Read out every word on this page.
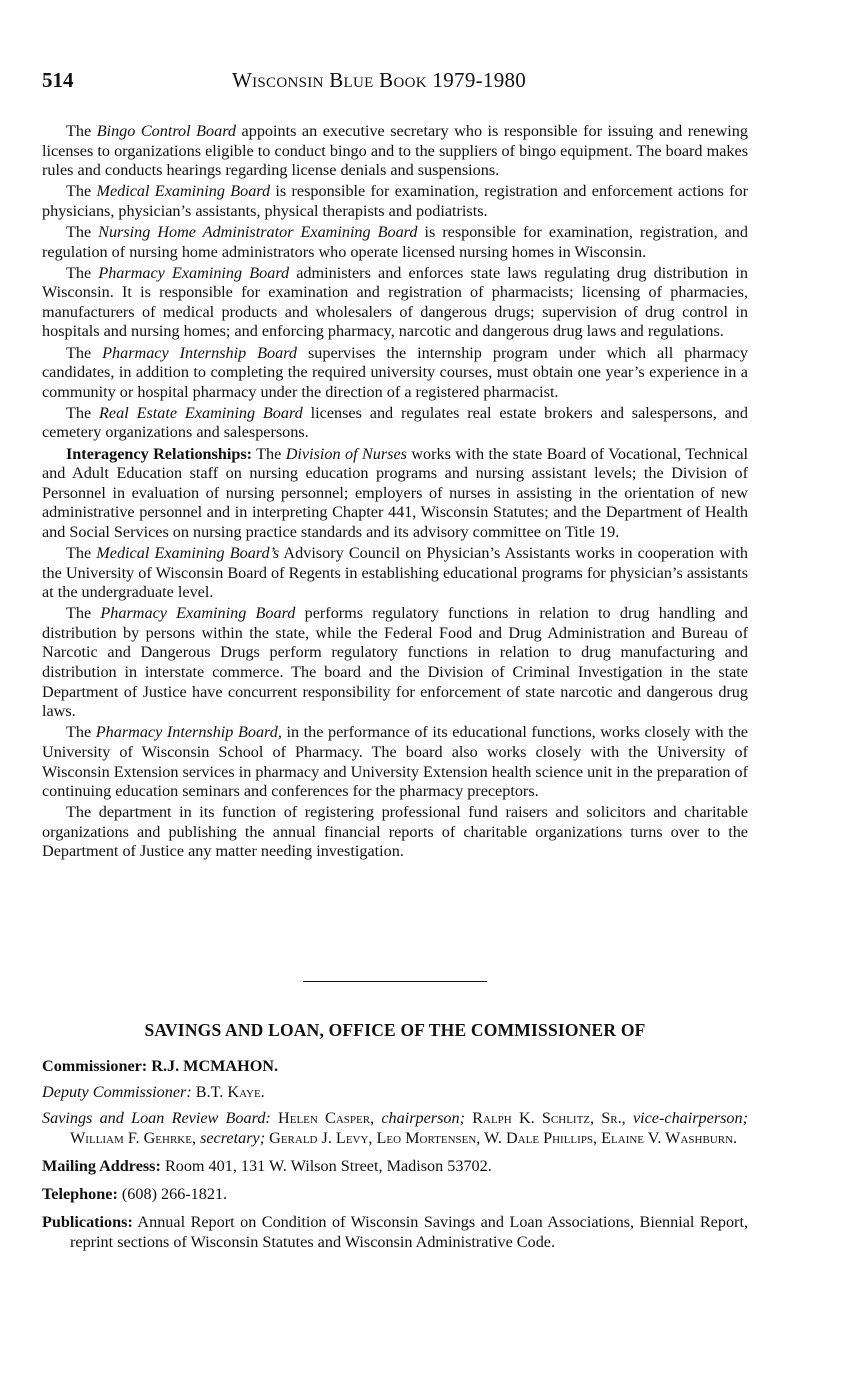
514	Wisconsin Blue Book 1979-1980

The Bingo Control Board appoints an executive secretary who is responsible for issuing and renewing licenses to organizations eligible to conduct bingo and to the suppliers of bingo equipment. The board makes rules and conducts hearings regarding license denials and suspensions.

The Medical Examining Board is responsible for examination, registration and enforcement actions for physicians, physician’s assistants, physical therapists and podiatrists.

The Nursing Home Administrator Examining Board is responsible for examination, registration, and regulation of nursing home administrators who operate licensed nursing homes in Wisconsin.

The Pharmacy Examining Board administers and enforces state laws regulating drug distribution in Wisconsin. It is responsible for examination and registration of pharmacists; licensing of pharmacies, manufacturers of medical products and wholesalers of dangerous drugs; supervision of drug control in hospitals and nursing homes; and enforcing pharmacy, narcotic and dangerous drug laws and regulations.

The Pharmacy Internship Board supervises the internship program under which all pharmacy candidates, in addition to completing the required university courses, must obtain one year’s experience in a community or hospital pharmacy under the direction of a registered pharmacist.

The Real Estate Examining Board licenses and regulates real estate brokers and salespersons, and cemetery organizations and salespersons.

Interagency Relationships: The Division of Nurses works with the state Board of Vocational, Technical and Adult Education staff on nursing education programs and nursing assistant levels; the Division of Personnel in evaluation of nursing personnel; employers of nurses in assisting in the orientation of new administrative personnel and in interpreting Chapter 441, Wisconsin Statutes; and the Department of Health and Social Services on nursing practice standards and its advisory committee on Title 19.

The Medical Examining Board’s Advisory Council on Physician’s Assistants works in cooperation with the University of Wisconsin Board of Regents in establishing educational programs for physician’s assistants at the undergraduate level.

The Pharmacy Examining Board performs regulatory functions in relation to drug handling and distribution by persons within the state, while the Federal Food and Drug Administration and Bureau of Narcotic and Dangerous Drugs perform regulatory functions in relation to drug manufacturing and distribution in interstate commerce. The board and the Division of Criminal Investigation in the state Department of Justice have concurrent responsibility for enforcement of state narcotic and dangerous drug laws.

The Pharmacy Internship Board, in the performance of its educational functions, works closely with the University of Wisconsin School of Pharmacy. The board also works closely with the University of Wisconsin Extension services in pharmacy and University Extension health science unit in the preparation of continuing education seminars and conferences for the pharmacy preceptors.

The department in its function of registering professional fund raisers and solicitors and charitable organizations and publishing the annual financial reports of charitable organizations turns over to the Department of Justice any matter needing investigation.

SAVINGS AND LOAN, OFFICE OF THE COMMISSIONER OF
Commissioner: R.J. MCMAHON.
Deputy Commissioner: B.T. Kaye.
Savings and Loan Review Board: Helen Casper, chairperson; Ralph K. Schlitz, Sr., vice-chairperson; William F. Gehrke, secretary; Gerald J. Levy, Leo Mortensen, W. Dale Phillips, Elaine V. Washburn.
Mailing Address: Room 401, 131 W. Wilson Street, Madison 53702.
Telephone: (608) 266-1821.
Publications: Annual Report on Condition of Wisconsin Savings and Loan Associations, Biennial Report, reprint sections of Wisconsin Statutes and Wisconsin Administrative Code.
